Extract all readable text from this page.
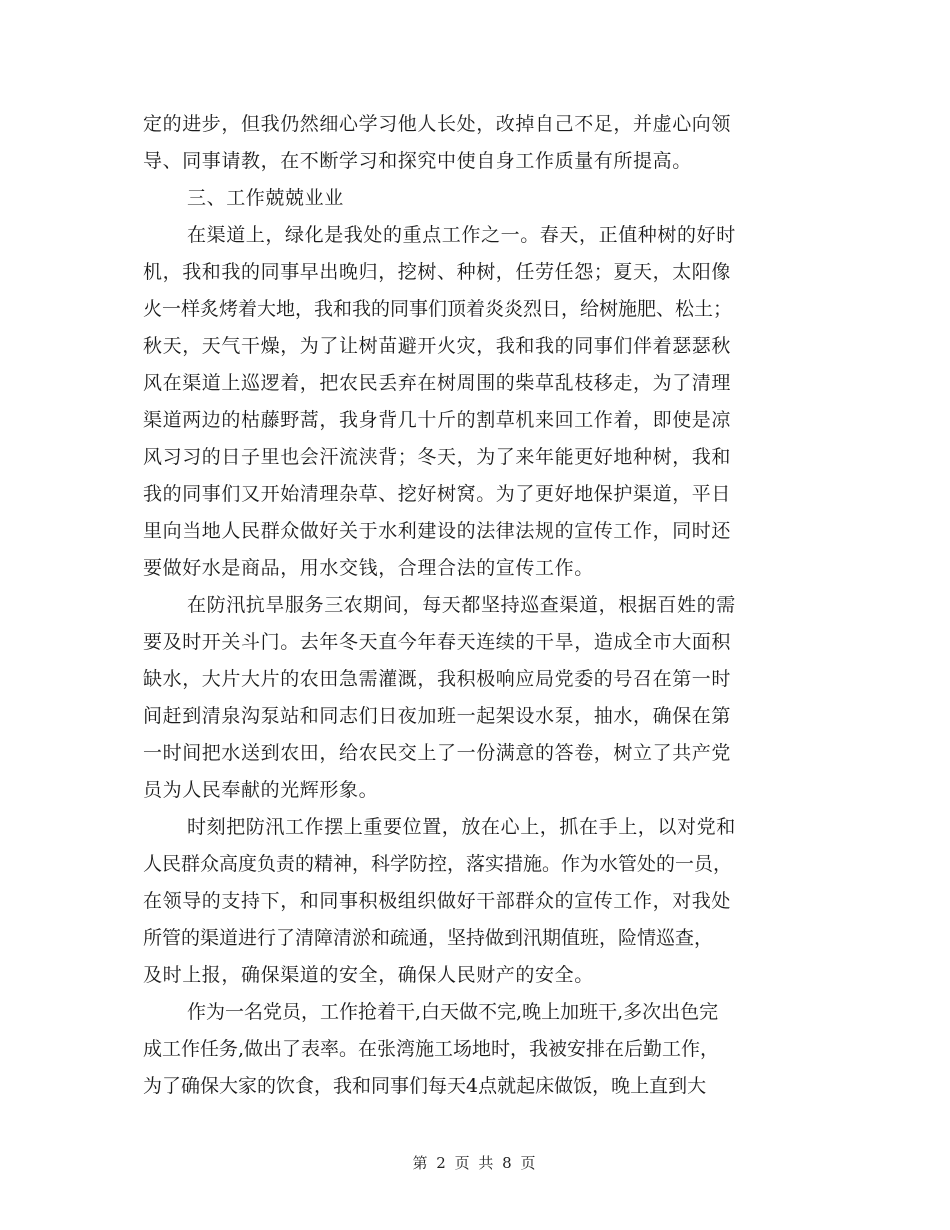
定的进步，但我仍然细心学习他人长处，改掉自己不足，并虚心向领
导、同事请教，在不断学习和探究中使自身工作质量有所提高。
三、工作兢兢业业
在渠道上，绿化是我处的重点工作之一。春天，正值种树的好时
机，我和我的同事早出晚归，挖树、种树，任劳任怨；夏天，太阳像
火一样炙烤着大地，我和我的同事们顶着炎炎烈日，给树施肥、松土；
秋天，天气干燥，为了让树苗避开火灾，我和我的同事们伴着瑟瑟秋
风在渠道上巡逻着，把农民丢弃在树周围的柴草乱枝移走，为了清理
渠道两边的枯藤野蒿，我身背几十斤的割草机来回工作着，即使是凉
风习习的日子里也会汗流浃背；冬天，为了来年能更好地种树，我和
我的同事们又开始清理杂草、挖好树窝。为了更好地保护渠道，平日
里向当地人民群众做好关于水利建设的法律法规的宣传工作，同时还
要做好水是商品，用水交钱，合理合法的宣传工作。
在防汛抗旱服务三农期间，每天都坚持巡查渠道，根据百姓的需
要及时开关斗门。去年冬天直今年春天连续的干旱，造成全市大面积
缺水，大片大片的农田急需灌溉，我积极响应局党委的号召在第一时
间赶到清泉沟泵站和同志们日夜加班一起架设水泵，抽水，确保在第
一时间把水送到农田，给农民交上了一份满意的答卷，树立了共产党
员为人民奉献的光辉形象。
时刻把防汛工作摆上重要位置，放在心上，抓在手上，以对党和
人民群众高度负责的精神，科学防控，落实措施。作为水管处的一员，
在领导的支持下，和同事积极组织做好干部群众的宣传工作，对我处
所管的渠道进行了清障清淤和疏通，坚持做到汛期值班，险情巡查，
及时上报，确保渠道的安全，确保人民财产的安全。
作为一名党员，工作抢着干,白天做不完,晚上加班干,多次出色完
成工作任务,做出了表率。在张湾施工场地时，我被安排在后勤工作，
为了确保大家的饮食，我和同事们每天4点就起床做饭，晚上直到大
第 2 页 共 8 页
